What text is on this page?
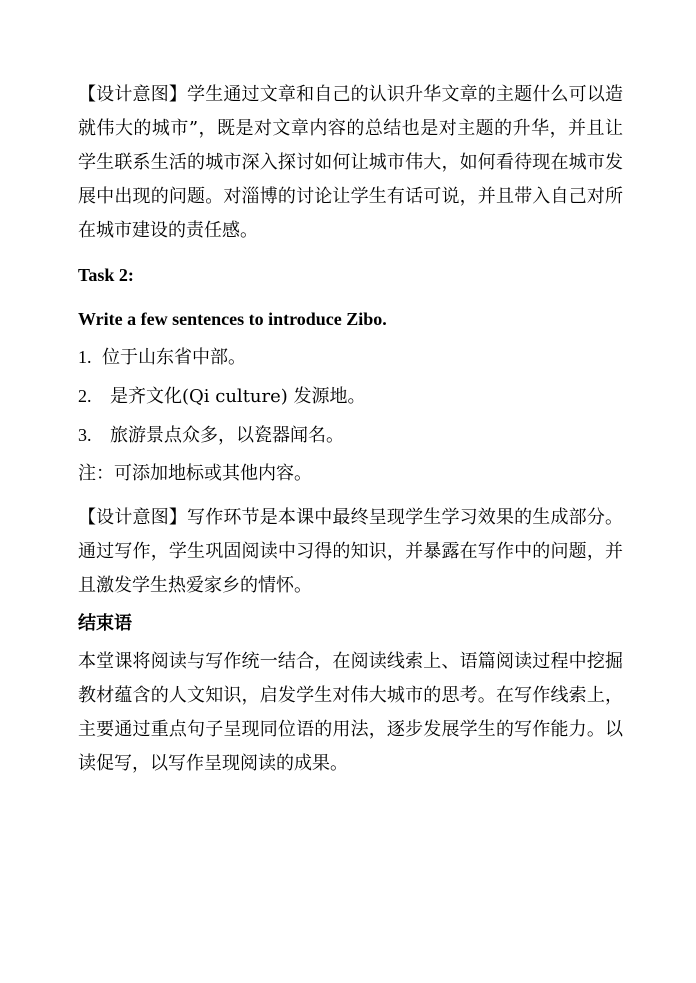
【设计意图】学生通过文章和自己的认识升华文章的主题什么可以造就伟大的城市”，既是对文章内容的总结也是对主题的升华，并且让学生联系生活的城市深入探讨如何让城市伟大，如何看待现在城市发展中出现的问题。对淄博的讨论让学生有话可说，并且带入自己对所在城市建设的责任感。

Task 2:

Write a few sentences to introduce Zibo.

1. 位于山东省中部。

2. 是齐文化(Qi culture) 发源地。

3. 旅游景点众多，以瓷器闻名。

注：可添加地标或其他内容。

【设计意图】写作环节是本课中最终呈现学生学习效果的生成部分。通过写作，学生巩固阅读中习得的知识，并暴露在写作中的问题，并且激发学生热爱家乡的情怀。

结束语

本堂课将阅读与写作统一结合，在阅读线索上、语篇阅读过程中挖掘教材蕴含的人文知识，启发学生对伟大城市的思考。在写作线索上，主要通过重点句子呈现同位语的用法，逐步发展学生的写作能力。以读促写，以写作呈现阅读的成果。
